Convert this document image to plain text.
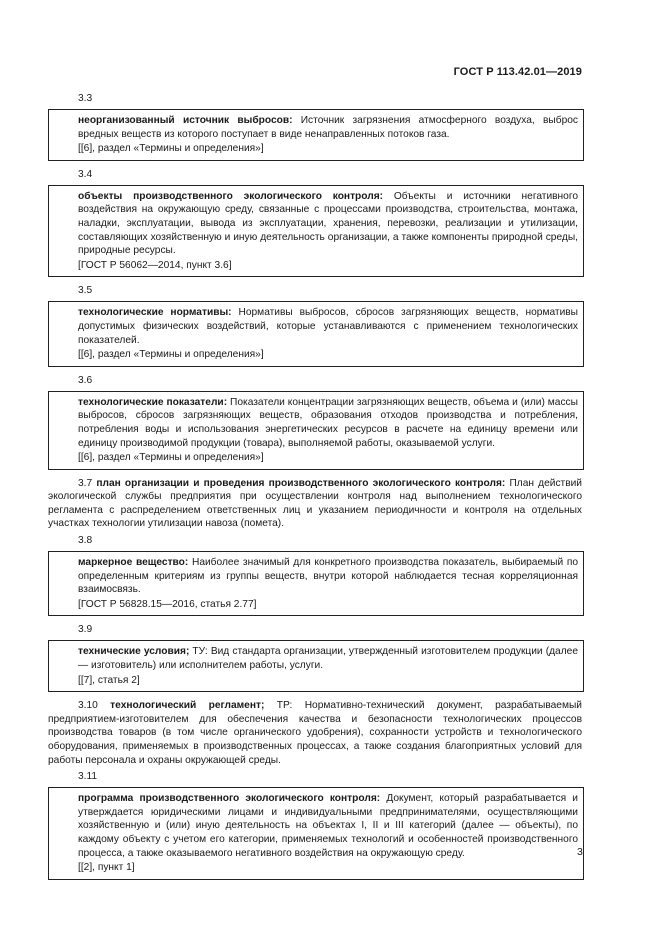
ГОСТ Р 113.42.01—2019
3.3

неорганизованный источник выбросов: Источник загрязнения атмосферного воздуха, выброс вредных веществ из которого поступает в виде ненаправленных потоков газа.

[[6], раздел «Термины и определения»]

3.4

объекты производственного экологического контроля: Объекты и источники негативного воздействия на окружающую среду, связанные с процессами производства, строительства, монтажа, наладки, эксплуатации, вывода из эксплуатации, хранения, перевозки, реализации и утилизации, составляющих хозяйственную и иную деятельность организации, а также компоненты природной среды, природные ресурсы.

[ГОСТ Р 56062—2014, пункт 3.6]

3.5

технологические нормативы: Нормативы выбросов, сбросов загрязняющих веществ, нормативы допустимых физических воздействий, которые устанавливаются с применением технологических показателей.

[[6], раздел «Термины и определения»]

3.6

технологические показатели: Показатели концентрации загрязняющих веществ, объема и (или) массы выбросов, сбросов загрязняющих веществ, образования отходов производства и потребления, потребления воды и использования энергетических ресурсов в расчете на единицу времени или единицу производимой продукции (товара), выполняемой работы, оказываемой услуги.

[[6], раздел «Термины и определения»]

3.7 план организации и проведения производственного экологического контроля: План действий экологической службы предприятия при осуществлении контроля над выполнением технологического регламента с распределением ответственных лиц и указанием периодичности и контроля на отдельных участках технологии утилизации навоза (помета).

3.8

маркерное вещество: Наиболее значимый для конкретного производства показатель, выбираемый по определенным критериям из группы веществ, внутри которой наблюдается тесная корреляционная взаимосвязь.

[ГОСТ Р 56828.15—2016, статья 2.77]

3.9

технические условия; ТУ: Вид стандарта организации, утвержденный изготовителем продукции (далее — изготовитель) или исполнителем работы, услуги.

[[7], статья 2]

3.10 технологический регламент; ТР: Нормативно-технический документ, разрабатываемый предприятием-изготовителем для обеспечения качества и безопасности технологических процессов производства товаров (в том числе органического удобрения), сохранности устройств и технологического оборудования, применяемых в производственных процессах, а также создания благоприятных условий для работы персонала и охраны окружающей среды.

3.11

программа производственного экологического контроля: Документ, который разрабатывается и утверждается юридическими лицами и индивидуальными предпринимателями, осуществляющими хозяйственную и (или) иную деятельность на объектах I, II и III категорий (далее — объекты), по каждому объекту с учетом его категории, применяемых технологий и особенностей производственного процесса, а также оказываемого негативного воздействия на окружающую среду.

[[2], пункт 1]

3
